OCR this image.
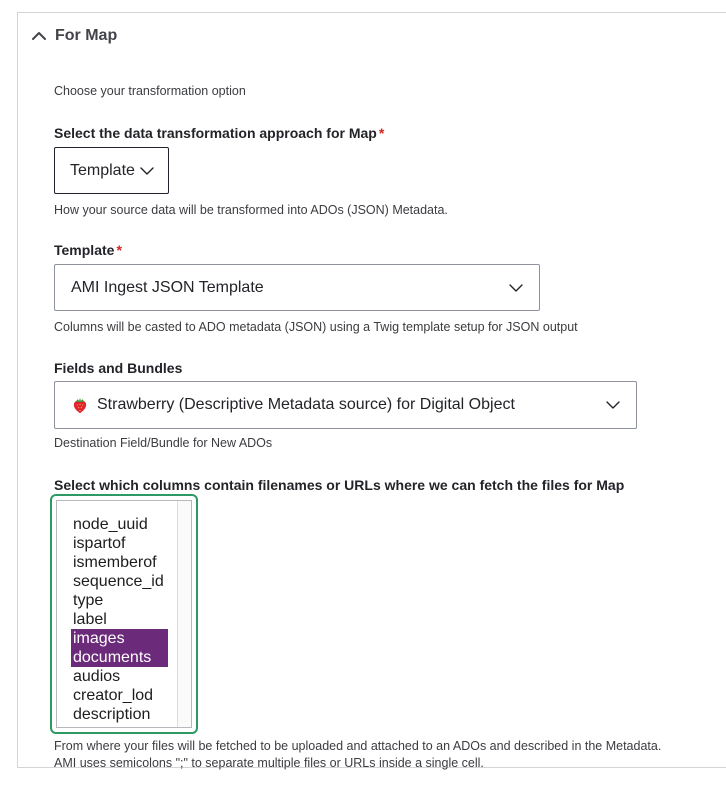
For Map
Choose your transformation option
Select the data transformation approach for Map *
Template
How your source data will be transformed into ADOs (JSON) Metadata.
Template *
AMI Ingest JSON Template
Columns will be casted to ADO metadata (JSON) using a Twig template setup for JSON output
Fields and Bundles
Strawberry (Descriptive Metadata source) for Digital Object
Destination Field/Bundle for New ADOs
Select which columns contain filenames or URLs where we can fetch the files for Map
node_uuid
ispartof
ismemberof
sequence_id
type
label
images
documents
audios
creator_lod
description
From where your files will be fetched to be uploaded and attached to an ADOs and described in the Metadata.
AMI uses semicolons ";" to separate multiple files or URLs inside a single cell.
